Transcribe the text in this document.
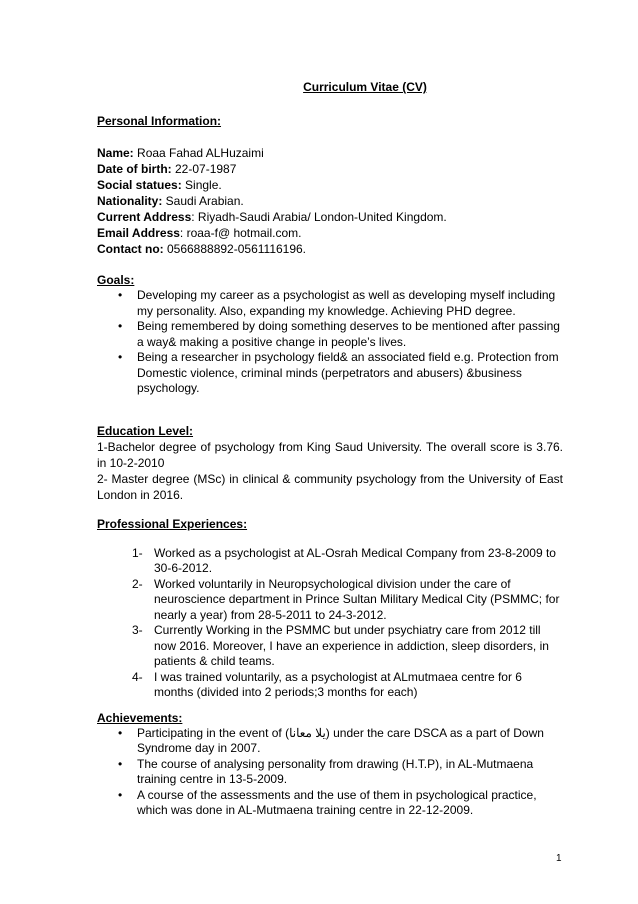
Curriculum Vitae (CV)

Personal Information:

Name: Roaa Fahad ALHuzaimi

Date of birth: 22-07-1987

Social statues: Single.

Nationality: Saudi Arabian.

Current Address: Riyadh-Saudi Arabia/ London-United Kingdom.

Email Address: roaa-f@ hotmail.com.

Contact no: 0566888892-0561116196.

Goals:

• Developing my career as a psychologist as well as developing myself including my personality. Also, expanding my knowledge. Achieving PHD degree.
• Being remembered by doing something deserves to be mentioned after passing a way& making a positive change in people’s lives.
• Being a researcher in psychology field& an associated field e.g. Protection from Domestic violence, criminal minds (perpetrators and abusers) &business psychology.

Education Level:

1-Bachelor degree of psychology from King Saud University. The overall score is 3.76. in 10-2-2010

2- Master degree (MSc) in clinical & community psychology from the University of East London in 2016.

Professional Experiences:

1- Worked as a psychologist at AL-Osrah Medical Company from 23-8-2009 to 30-6-2012.
2- Worked voluntarily in Neuropsychological division under the care of neuroscience department in Prince Sultan Military Medical City (PSMMC; for nearly a year) from 28-5-2011 to 24-3-2012.
3- Currently Working in the PSMMC but under psychiatry care from 2012 till now 2016. Moreover, I have an experience in addiction, sleep disorders, in patients & child teams.
4- I was trained voluntarily, as a psychologist at ALmutmaea centre for 6 months (divided into 2 periods;3 months for each)

Achievements:

• Participating in the event of (يلا معانا) under the care DSCA as a part of Down Syndrome day in 2007.
• The course of analysing personality from drawing (H.T.P), in AL-Mutmaena training centre in 13-5-2009.
• A course of the assessments and the use of them in psychological practice, which was done in AL-Mutmaena training centre in 22-12-2009.
1
